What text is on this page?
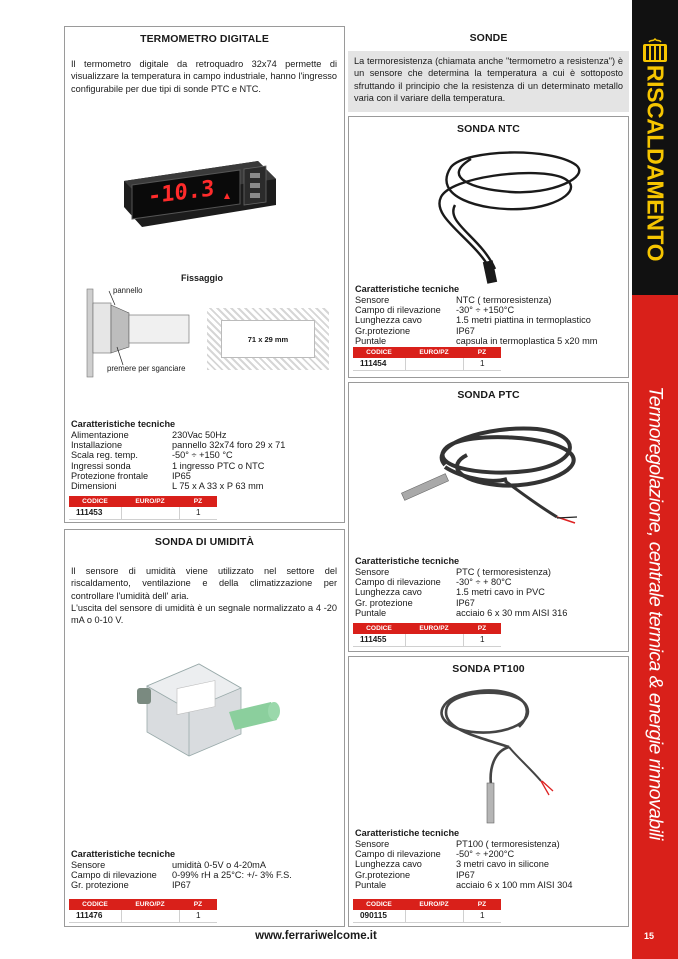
TERMOMETRO DIGITALE

Il termometro digitale da retroquadro 32x74 permette di visualizzare la temperatura in campo industriale, hanno l'ingresso configurabile per due tipi di sonde PTC e NTC.

-10.3
Fissaggio
pannello
premere per sganciare
71 x 29 mm
Caratteristiche tecniche
Alimentazione	230Vac 50Hz
Installazione	pannello 32x74 foro 29 x 71
Scala reg. temp.	-50° ÷ +150 °C
Ingressi sonda	1 ingresso PTC o NTC
Protezione frontale	IP65
Dimensioni	L 75 x A 33 x P 63 mm
CODICE	EURO/PZ	PZ
111453		1
SONDA DI UMIDITÀ

Il sensore di umidità viene utilizzato nel settore del riscaldamento, ventilazione e della climatizzazione per controllare l'umidità dell' aria.

L'uscita del sensore di umidità è un segnale normalizzato a 4 -20 mA o 0-10 V.

Caratteristiche tecniche
Sensore	umidità 0-5V o 4-20mA
Campo di rilevazione	0-99% rH a 25°C: +/- 3% F.S.
Gr. protezione	IP67
CODICE	EURO/PZ	PZ
111476		1
SONDE

La termoresistenza (chiamata anche "termometro a resistenza") è un sensore che determina la temperatura a cui è sottoposto sfruttando il principio che la resistenza di un determinato metallo varia con il variare della temperatura.

SONDA NTC
Caratteristiche tecniche
Sensore	NTC ( termoresistenza)
Campo di rilevazione	-30° ÷ +150°C
Lunghezza cavo	1.5 metri piattina in termoplastico
Gr.protezione	IP67
Puntale	capsula in termoplastica 5 x20 mm
CODICE	EURO/PZ	PZ
111454		1
SONDA PTC
Caratteristiche tecniche
Sensore	PTC ( termoresistenza)
Campo di rilevazione	-30° ÷ + 80°C
Lunghezza cavo	1.5 metri cavo in PVC
Gr. protezione	IP67
Puntale	acciaio 6 x 30 mm AISI 316
CODICE	EURO/PZ	PZ
111455		1
SONDA PT100
Caratteristiche tecniche
Sensore	PT100 ( termoresistenza)
Campo di rilevazione	-50° ÷ +200°C
Lunghezza cavo	3 metri cavo in silicone
Gr.protezione	IP67
Puntale	acciaio 6 x 100 mm AISI 304
CODICE	EURO/PZ	PZ
090115		1
RISCALDAMENTO
Termoregolazione, centrale termica & energie rinnovabili
15
www.ferrariwelcome.it
